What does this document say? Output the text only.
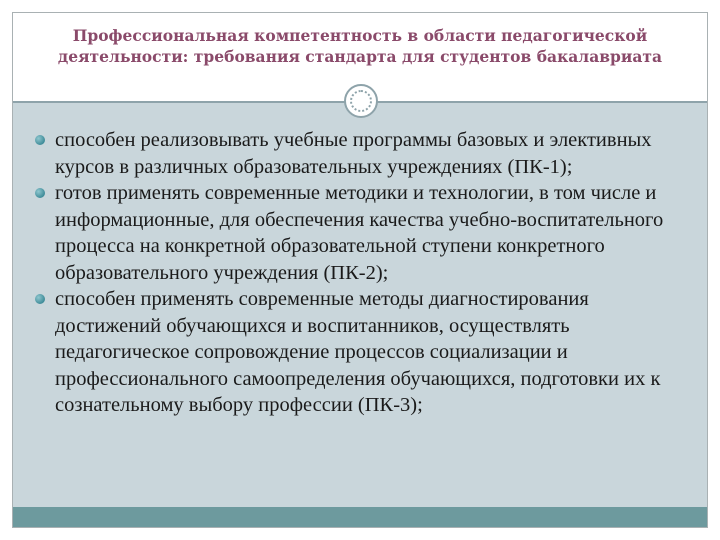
Профессиональная компетентность в области педагогической
деятельности: требования стандарта для студентов бакалавриата
способен реализовывать учебные программы базовых и элективных курсов в различных образовательных учреждениях (ПК-1);
готов применять современные методики и технологии, в том числе и информационные, для обеспечения качества учебно-воспитательного процесса на конкретной образовательной ступени конкретного образовательного учреждения (ПК-2);
способен применять современные методы диагностирования достижений обучающихся и воспитанников, осуществлять педагогическое сопровождение процессов социализации и профессионального самоопределения обучающихся, подготовки их к сознательному выбору профессии (ПК-3);
